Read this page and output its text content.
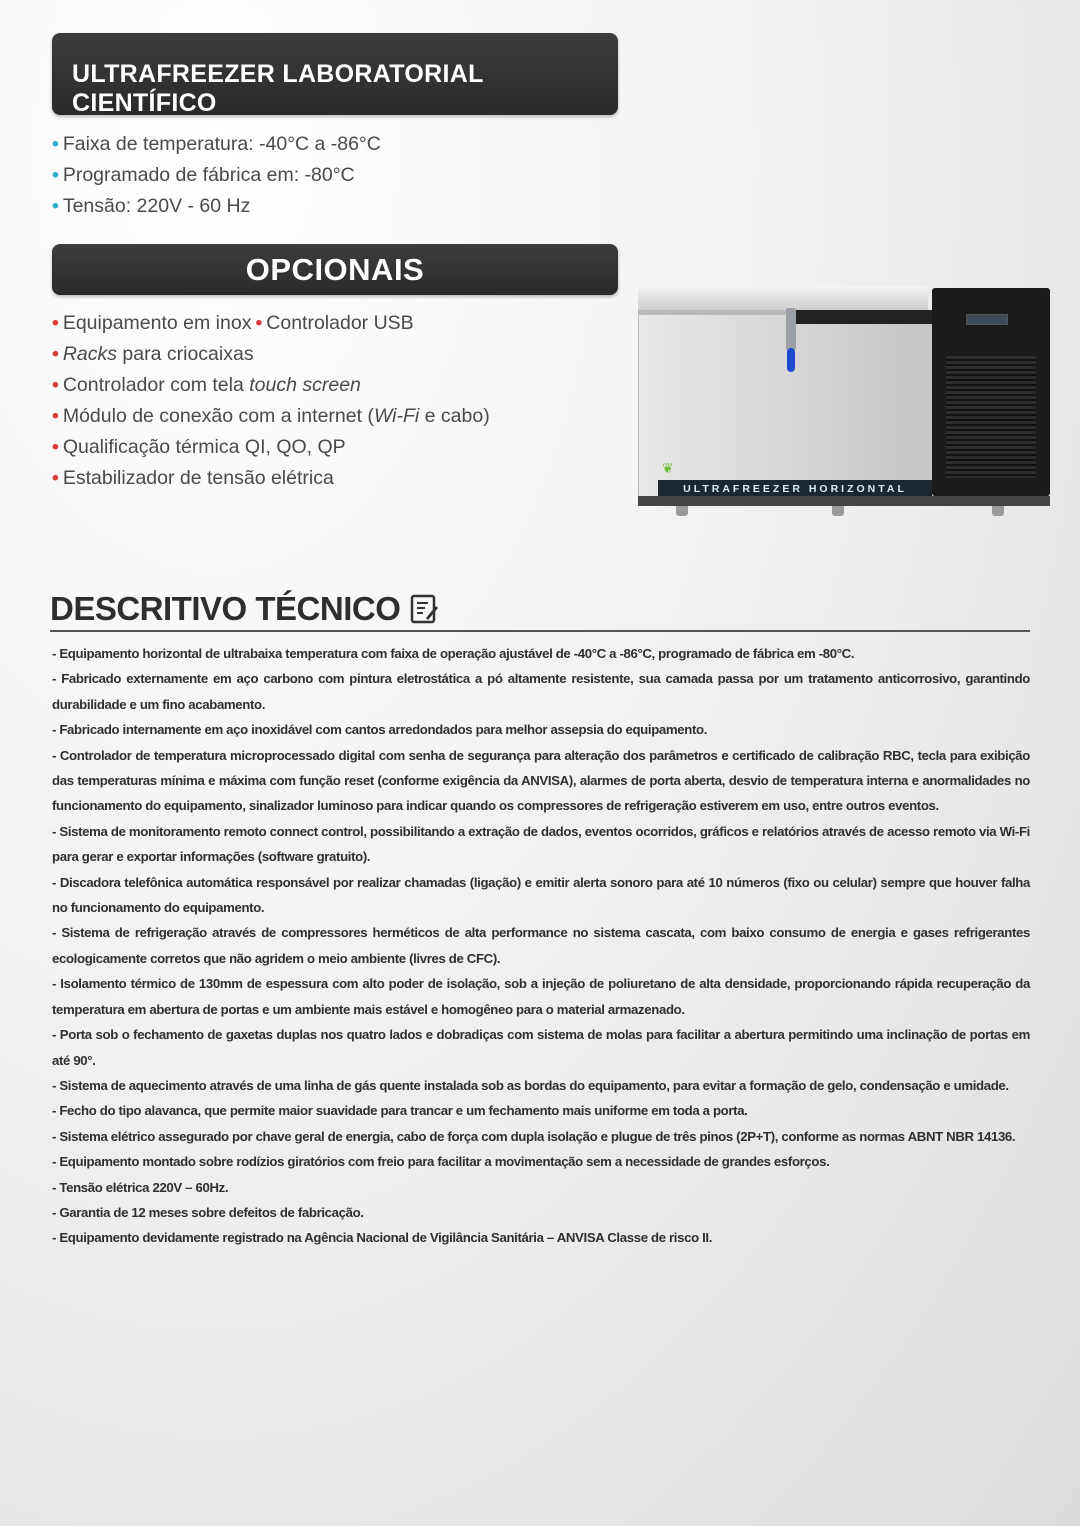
ULTRAFREEZER LABORATORIAL CIENTÍFICO
• Faixa de temperatura: -40°C a -86°C
• Programado de fábrica em: -80°C
• Tensão: 220V - 60 Hz
OPCIONAIS
• Equipamento em inox • Controlador USB
• Racks para criocaixas
• Controlador com tela touch screen
• Módulo de conexão com a internet (Wi-Fi e cabo)
• Qualificação térmica QI, QO, QP
• Estabilizador de tensão elétrica	❦
ULTRAFREEZER HORIZONTAL
DESCRITIVO TÉCNICO
- Equipamento horizontal de ultrabaixa temperatura com faixa de operação ajustável de -40°C a -86°C, programado de fábrica em -80°C.
- Fabricado externamente em aço carbono com pintura eletrostática a pó altamente resistente, sua camada passa por um tratamento anticorrosivo, garantindo durabilidade e um fino acabamento.
- Fabricado internamente em aço inoxidável com cantos arredondados para melhor assepsia do equipamento.
- Controlador de temperatura microprocessado digital com senha de segurança para alteração dos parâmetros e certificado de calibração RBC, tecla para exibição das temperaturas mínima e máxima com função reset (conforme exigência da ANVISA), alarmes de porta aberta, desvio de temperatura interna e anormalidades no funcionamento do equipamento, sinalizador luminoso para indicar quando os compressores de refrigeração estiverem em uso, entre outros eventos.
- Sistema de monitoramento remoto connect control, possibilitando a extração de dados, eventos ocorridos, gráficos e relatórios através de acesso remoto via Wi-Fi para gerar e exportar informações (software gratuito).
- Discadora telefônica automática responsável por realizar chamadas (ligação) e emitir alerta sonoro para até 10 números (fixo ou celular) sempre que houver falha no funcionamento do equipamento.
- Sistema de refrigeração através de compressores herméticos de alta performance no sistema cascata, com baixo consumo de energia e gases refrigerantes ecologicamente corretos que não agridem o meio ambiente (livres de CFC).
- Isolamento térmico de 130mm de espessura com alto poder de isolação, sob a injeção de poliuretano de alta densidade, proporcionando rápida recuperação da temperatura em abertura de portas e um ambiente mais estável e homogêneo para o material armazenado.
- Porta sob o fechamento de gaxetas duplas nos quatro lados e dobradiças com sistema de molas para facilitar a abertura permitindo uma inclinação de portas em até 90°.
- Sistema de aquecimento através de uma linha de gás quente instalada sob as bordas do equipamento, para evitar a formação de gelo, condensação e umidade.
- Fecho do tipo alavanca, que permite maior suavidade para trancar e um fechamento mais uniforme em toda a porta.
- Sistema elétrico assegurado por chave geral de energia, cabo de força com dupla isolação e plugue de três pinos (2P+T), conforme as normas ABNT NBR 14136.
- Equipamento montado sobre rodízios giratórios com freio para facilitar a movimentação sem a necessidade de grandes esforços.
- Tensão elétrica 220V – 60Hz.
- Garantia de 12 meses sobre defeitos de fabricação.
- Equipamento devidamente registrado na Agência Nacional de Vigilância Sanitária – ANVISA Classe de risco II.
